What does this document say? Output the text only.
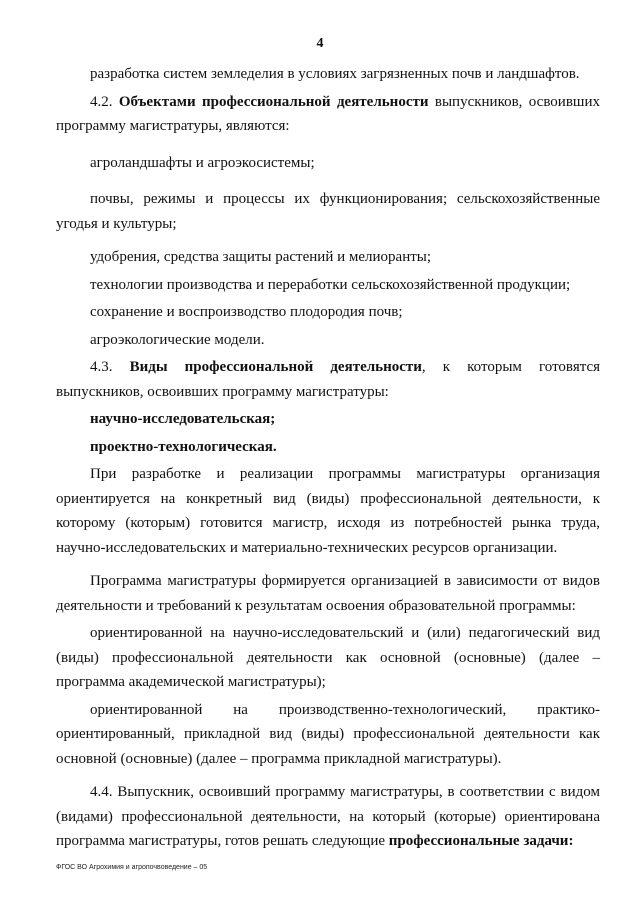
4

разработка систем земледелия в условиях загрязненных почв и ландшафтов.

4.2. Объектами профессиональной деятельности выпускников, освоивших программу магистратуры, являются:

агроландшафты и агроэкосистемы;

почвы, режимы и процессы их функционирования; сельскохозяйственные угодья и культуры;

удобрения, средства защиты растений и мелиоранты;

технологии производства и переработки сельскохозяйственной продукции;

сохранение и воспроизводство плодородия почв;

агроэкологические модели.

4.3. Виды профессиональной деятельности, к которым готовятся выпускников, освоивших программу магистратуры:

научно-исследовательская;

проектно-технологическая.

При разработке и реализации программы магистратуры организация ориентируется на конкретный вид (виды) профессиональной деятельности, к которому (которым) готовится магистр, исходя из потребностей рынка труда, научно-исследовательских и материально-технических ресурсов организации.

Программа магистратуры формируется организацией в зависимости от видов деятельности и требований к результатам освоения образовательной программы:

ориентированной на научно-исследовательский и (или) педагогический вид (виды) профессиональной деятельности как основной (основные) (далее – программа академической магистратуры);

ориентированной на производственно-технологический, практико-ориентированный, прикладной вид (виды) профессиональной деятельности как основной (основные) (далее – программа прикладной магистратуры).

4.4. Выпускник, освоивший программу магистратуры, в соответствии с видом (видами) профессиональной деятельности, на который (которые) ориентирована программа магистратуры, готов решать следующие профессиональные задачи:

ФГОС ВО Агрохимия и агропочвоведение – 05
